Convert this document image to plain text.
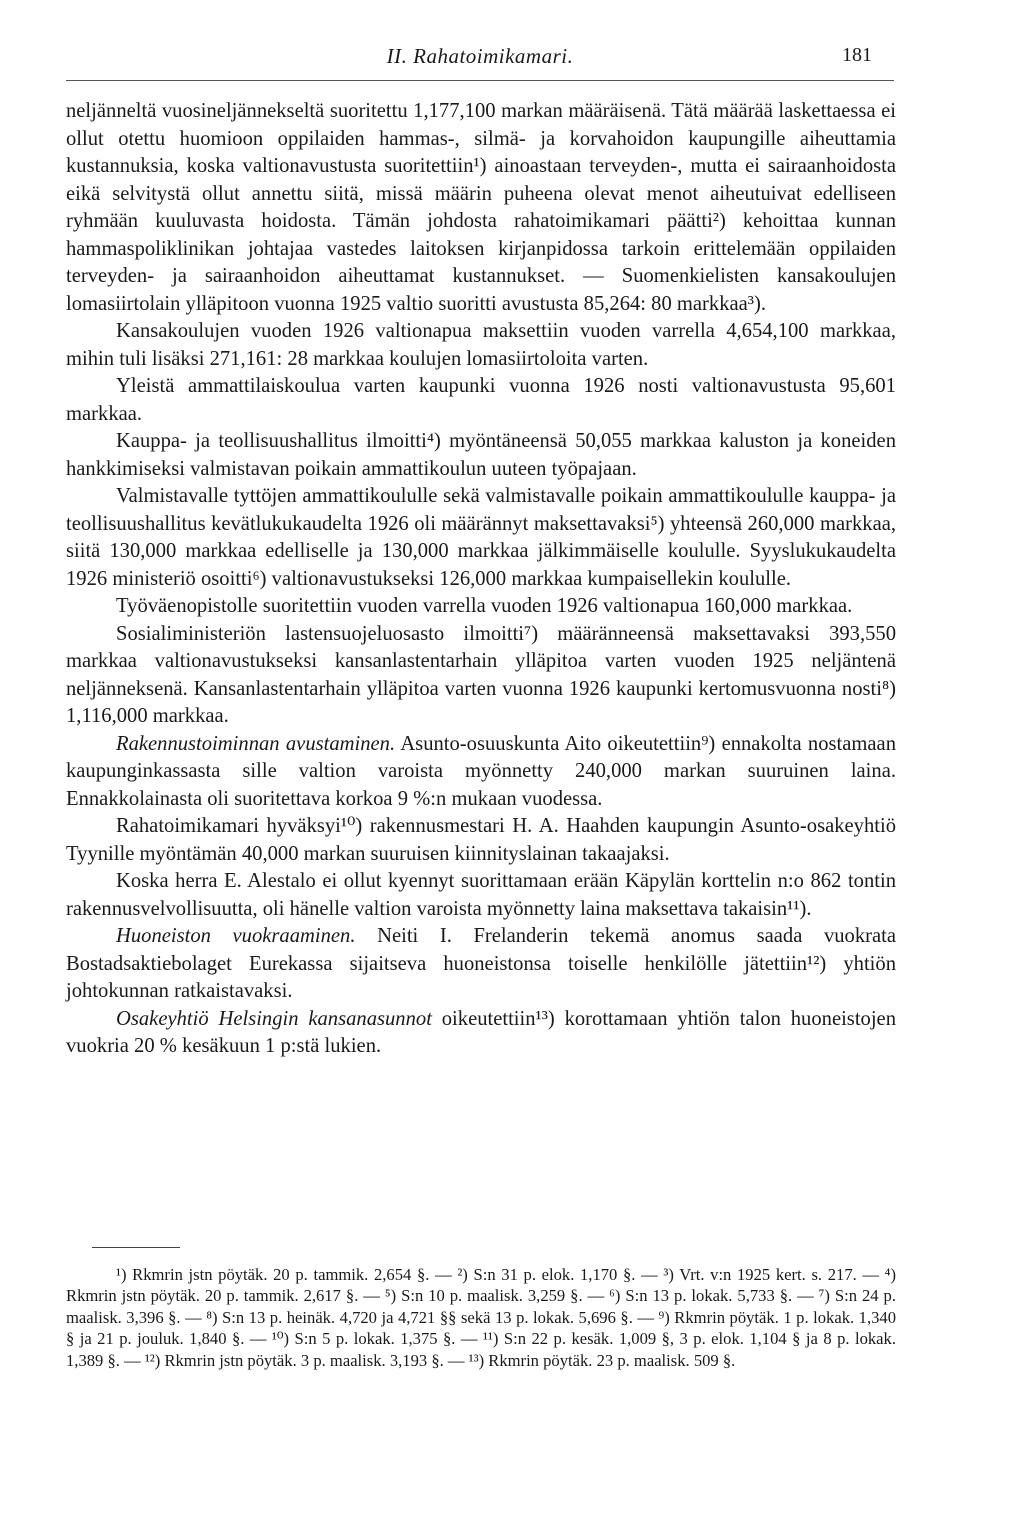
II. Rahatoimikamari.	181

neljänneltä vuosineljännekseltä suoritettu 1,177,100 markan määräisenä. Tätä määrää laskettaessa ei ollut otettu huomioon oppilaiden hammas-, silmä- ja korvahoidon kaupungille aiheuttamia kustannuksia, koska valtionavustusta suoritettiin¹) ainoastaan terveyden-, mutta ei sairaanhoidosta eikä selvitystä ollut annettu siitä, missä määrin puheena olevat menot aiheutuivat edelliseen ryhmään kuuluvasta hoidosta. Tämän johdosta rahatoimikamari päätti²) kehoittaa kunnan hammaspoliklinikan johtajaa vastedes laitoksen kirjanpidossa tarkoin erittelemään oppilaiden terveyden- ja sairaanhoidon aiheuttamat kustannukset. — Suomenkielisten kansakoulujen lomasiirtolain ylläpitoon vuonna 1925 valtio suoritti avustusta 85,264: 80 markkaa³).

Kansakoulujen vuoden 1926 valtionapua maksettiin vuoden varrella 4,654,100 markkaa, mihin tuli lisäksi 271,161: 28 markkaa koulujen lomasiirtoloita varten.

Yleistä ammattilaiskoulua varten kaupunki vuonna 1926 nosti valtionavustusta 95,601 markkaa.

Kauppa- ja teollisuushallitus ilmoitti⁴) myöntäneensä 50,055 markkaa kaluston ja koneiden hankkimiseksi valmistavan poikain ammattikoulun uuteen työpajaan.

Valmistavalle tyttöjen ammattikoululle sekä valmistavalle poikain ammattikoululle kauppa- ja teollisuushallitus kevätlukukaudelta 1926 oli määrännyt maksettavaksi⁵) yhteensä 260,000 markkaa, siitä 130,000 markkaa edelliselle ja 130,000 markkaa jälkimmäiselle koululle. Syyslukukaudelta 1926 ministeriö osoitti⁶) valtionavustukseksi 126,000 markkaa kumpaisellekin koululle.

Työväenopistolle suoritettiin vuoden varrella vuoden 1926 valtionapua 160,000 markkaa.

Sosialiministeriön lastensuojeluosasto ilmoitti⁷) määränneensä maksettavaksi 393,550 markkaa valtionavustukseksi kansanlastentarhain ylläpitoa varten vuoden 1925 neljäntenä neljänneksenä. Kansanlastentarhain ylläpitoa varten vuonna 1926 kaupunki kertomusvuonna nosti⁸) 1,116,000 markkaa.

Rakennustoiminnan avustaminen. Asunto-osuuskunta Aito oikeutettiin⁹) ennakolta nostamaan kaupunginkassasta sille valtion varoista myönnetty 240,000 markan suuruinen laina. Ennakkolainasta oli suoritettava korkoa 9 %:n mukaan vuodessa.

Rahatoimikamari hyväksyi¹⁰) rakennusmestari H. A. Haahden kaupungin Asunto-osakeyhtiö Tyynille myöntämän 40,000 markan suuruisen kiinnityslainan takaajaksi.

Koska herra E. Alestalo ei ollut kyennyt suorittamaan erään Käpylän korttelin n:o 862 tontin rakennusvelvollisuutta, oli hänelle valtion varoista myönnetty laina maksettava takaisin¹¹).

Huoneiston vuokraaminen. Neiti I. Frelanderin tekemä anomus saada vuokrata Bostadsaktiebolaget Eurekassa sijaitseva huoneistonsa toiselle henkilölle jätettiin¹²) yhtiön johtokunnan ratkaistavaksi.

Osakeyhtiö Helsingin kansanasunnot oikeutettiin¹³) korottamaan yhtiön talon huoneistojen vuokria 20 % kesäkuun 1 p:stä lukien.

¹) Rkmrin jstn pöytäk. 20 p. tammik. 2,654 §. — ²) S:n 31 p. elok. 1,170 §. — ³) Vrt. v:n 1925 kert. s. 217. — ⁴) Rkmrin jstn pöytäk. 20 p. tammik. 2,617 §. — ⁵) S:n 10 p. maalisk. 3,259 §. — ⁶) S:n 13 p. lokak. 5,733 §. — ⁷) S:n 24 p. maalisk. 3,396 §. — ⁸) S:n 13 p. heinäk. 4,720 ja 4,721 §§ sekä 13 p. lokak. 5,696 §. — ⁹) Rkmrin pöytäk. 1 p. lokak. 1,340 § ja 21 p. jouluk. 1,840 §. — ¹⁰) S:n 5 p. lokak. 1,375 §. — ¹¹) S:n 22 p. kesäk. 1,009 §, 3 p. elok. 1,104 § ja 8 p. lokak. 1,389 §. — ¹²) Rkmrin jstn pöytäk. 3 p. maalisk. 3,193 §. — ¹³) Rkmrin pöytäk. 23 p. maalisk. 509 §.
